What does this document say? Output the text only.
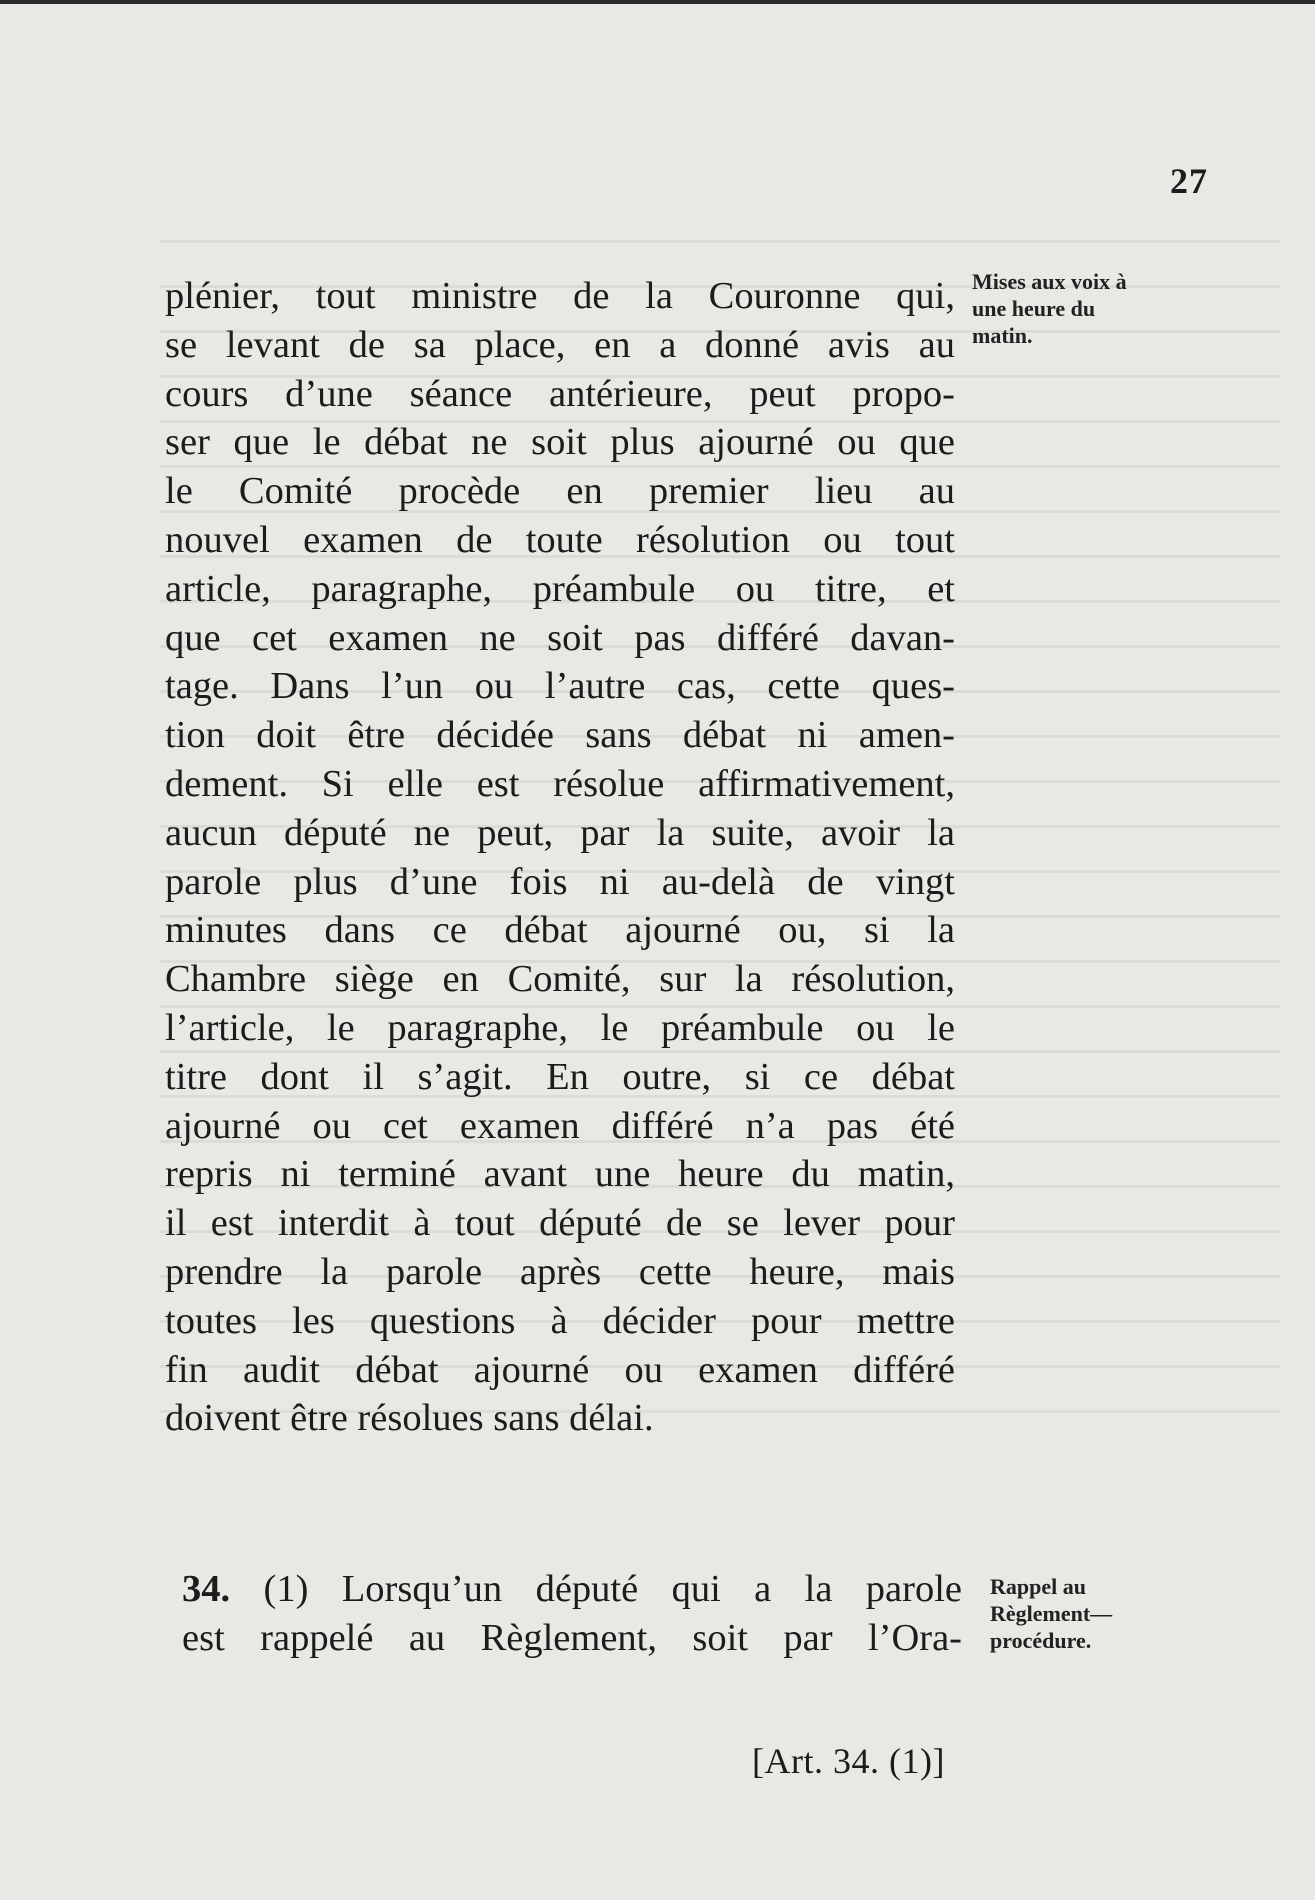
27
Mises aux voix à
une heure du
matin.
plénier, tout ministre de la Couronne qui,
se levant de sa place, en a donné avis au
cours d’une séance antérieure, peut propo-
ser que le débat ne soit plus ajourné ou que
le Comité procède en premier lieu au
nouvel examen de toute résolution ou tout
article, paragraphe, préambule ou titre, et
que cet examen ne soit pas différé davan-
tage. Dans l’un ou l’autre cas, cette ques-
tion doit être décidée sans débat ni amen-
dement. Si elle est résolue affirmativement,
aucun député ne peut, par la suite, avoir la
parole plus d’une fois ni au-delà de vingt
minutes dans ce débat ajourné ou, si la
Chambre siège en Comité, sur la résolution,
l’article, le paragraphe, le préambule ou le
titre dont il s’agit. En outre, si ce débat
ajourné ou cet examen différé n’a pas été
repris ni terminé avant une heure du matin,
il est interdit à tout député de se lever pour
prendre la parole après cette heure, mais
toutes les questions à décider pour mettre
fin audit débat ajourné ou examen différé
doivent être résolues sans délai.
34. (1) Lorsqu’un député qui a la parole
est rappelé au Règlement, soit par l’Ora-
Rappel au
Règlement—
procédure.
[Art. 34. (1)]
